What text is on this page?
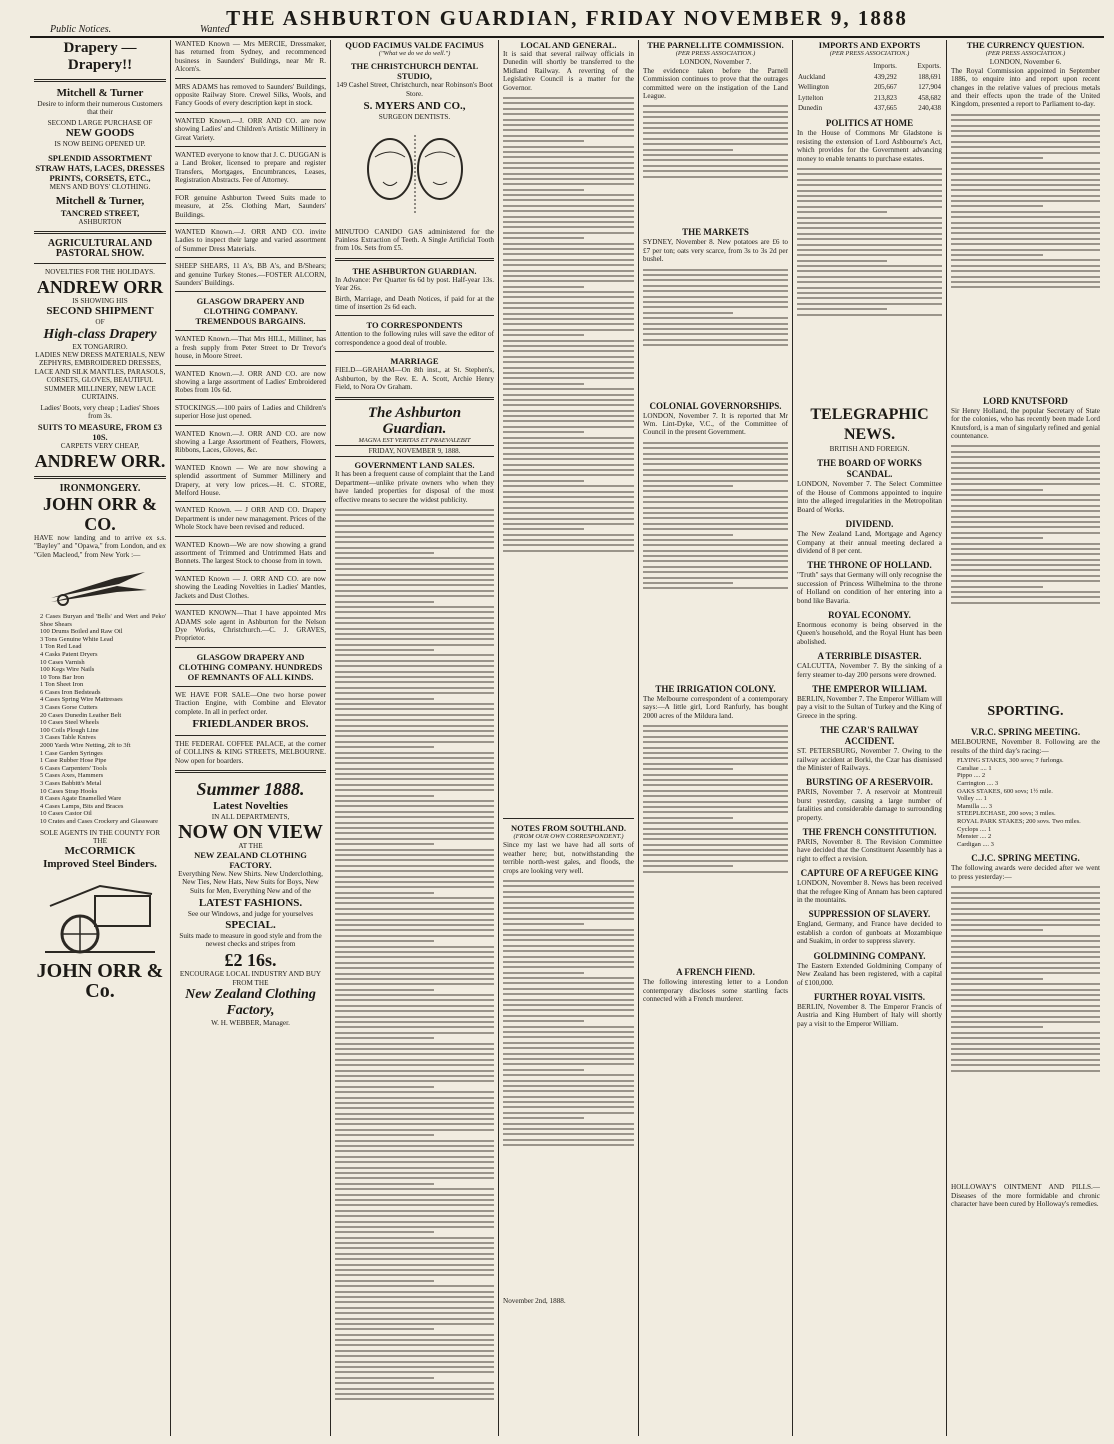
Public Notices.	Wanted
THE ASHBURTON GUARDIAN, FRIDAY NOVEMBER 9, 1888
Drapery — Drapery!!
Mitchell & Turner

Desire to inform their numerous Customers that their

SECOND LARGE PURCHASE OF
NEW GOODS
IS NOW BEING OPENED UP.
SPLENDID ASSORTMENT
STRAW HATS, LACES, DRESSES PRINTS, CORSETS, ETC.,
MEN'S AND BOYS' CLOTHING.
Mitchell & Turner,
TANCRED STREET,
ASHBURTON
AGRICULTURAL AND PASTORAL SHOW.
NOVELTIES FOR THE HOLIDAYS.
ANDREW ORR
IS SHOWING HIS
SECOND SHIPMENT
OF
High-class Drapery
EX TONGARIRO.

LADIES NEW DRESS MATERIALS, NEW ZEPHYRS, EMBROIDERED DRESSES, LACE AND SILK MANTLES, PARASOLS, CORSETS, GLOVES, BEAUTIFUL SUMMER MILLINERY, NEW LACE CURTAINS.

Ladies' Boots, very cheap ; Ladies' Shoes from 3s.

SUITS TO MEASURE, FROM £3 10S.
CARPETS VERY CHEAP,
ANDREW ORR.
IRONMONGERY.
JOHN ORR & CO.

HAVE now landing and to arrive ex s.s. "Bayley" and "Opawa," from London, and ex "Glen Macleod," from New York :—

2 Cases Buryan and 'Bells' and Wert and Peko' Shoe Shears
100 Drums Boiled and Raw Oil
3 Tons Genuine White Lead
1 Ton Red Lead
4 Casks Patent Dryers
10 Cases Varnish
100 Kegs Wire Nails
10 Tons Bar Iron
1 Ton Sheet Iron
6 Cases Iron Bedsteads
4 Cases Spring Wire Mattresses
3 Cases Gorse Cutters
20 Cases Dunedin Leather Belt
10 Cases Steel Wheels
100 Coils Plough Line
3 Cases Table Knives
2000 Yards Wire Netting, 2ft to 3ft
1 Case Garden Syringes
1 Case Rubber Hose Pipe
6 Cases Carpenters' Tools
5 Cases Axes, Hammers
3 Cases Babbitt's Metal
10 Cases Strap Hooks
8 Cases Agate Enamelled Ware
4 Cases Lamps, Bits and Braces
10 Cases Castor Oil
10 Crates and Cases Crockery and Glassware
SOLE AGENTS IN THE COUNTY FOR THE
McCORMICK
Improved Steel Binders.
JOHN ORR & Co.

WANTED Known — Mrs MERCIE, Dressmaker, has returned from Sydney, and recommenced business in Saunders' Buildings, near Mr R. Alcorn's.

MRS ADAMS has removed to Saunders' Buildings, opposite Railway Store. Crewel Silks, Wools, and Fancy Goods of every description kept in stock.

WANTED Known.—J. ORR AND CO. are now showing Ladies' and Children's Artistic Millinery in Great Variety.

WANTED everyone to know that J. C. DUGGAN is a Land Broker, licensed to prepare and register Transfers, Mortgages, Encumbrances, Leases, Registration Abstracts. Fee of Attorney.

FOR genuine Ashburton Tweed Suits made to measure, at 25s. Clothing Mart, Saunders' Buildings.

WANTED Known.—J. ORR AND CO. invite Ladies to inspect their large and varied assortment of Summer Dress Materials.

SHEEP SHEARS, 11 A's, BB A's, and B/Shears; and genuine Turkey Stones.—FOSTER ALCORN, Saunders' Buildings.

GLASGOW DRAPERY AND CLOTHING COMPANY. TREMENDOUS BARGAINS.

WANTED Known.—That Mrs HILL, Milliner, has a fresh supply from Peter Street to Dr Trevor's house, in Moore Street.

WANTED Known.—J. ORR AND CO. are now showing a large assortment of Ladies' Embroidered Robes from 10s 6d.

STOCKINGS.—100 pairs of Ladies and Children's superior Hose just opened.

WANTED Known.—J. ORR AND CO. are now showing a Large Assortment of Feathers, Flowers, Ribbons, Laces, Gloves, &c.

WANTED Known — We are now showing a splendid assortment of Summer Millinery and Drapery, at very low prices.—H. C. STORE, Melford House.

WANTED Known. — J ORR AND CO. Drapery Department is under new management. Prices of the Whole Stock have been revised and reduced.

WANTED Known—We are now showing a grand assortment of Trimmed and Untrimmed Hats and Bonnets. The largest Stock to choose from in town.

WANTED Known — J. ORR AND CO. are now showing the Leading Novelties in Ladies' Mantles, Jackets and Dust Clothes.

WANTED KNOWN—That I have appointed Mrs ADAMS sole agent in Ashburton for the Nelson Dye Works, Christchurch.—C. J. GRAVES, Proprietor.

GLASGOW DRAPERY AND CLOTHING COMPANY. HUNDREDS OF REMNANTS OF ALL KINDS.

WE HAVE FOR SALE—One two horse power Traction Engine, with Combine and Elevator complete. In all in perfect order.

FRIEDLANDER BROS.

THE FEDERAL COFFEE PALACE, at the corner of COLLINS & KING STREETS, MELBOURNE. Now open for boarders.

Summer 1888.
Latest Novelties
IN ALL DEPARTMENTS,
NOW ON VIEW
AT THE
NEW ZEALAND CLOTHING FACTORY.

Everything New. New Shirts. New Underclothing, New Ties, New Hats, New Suits for Boys, New Suits for Men, Everything New and of the

LATEST FASHIONS.
See our Windows, and judge for yourselves
SPECIAL.

Suits made to measure in good style and from the newest checks and stripes from

£2 16s.
ENCOURAGE LOCAL INDUSTRY AND BUY FROM THE
New Zealand Clothing Factory,
W. H. WEBBER, Manager.
QUOD FACIMUS VALDE FACIMUS
("What we do we do well.")
THE CHRISTCHURCH DENTAL STUDIO,

149 Cashel Street, Christchurch, near Robinson's Boot Store.

S. MYERS AND CO.,
SURGEON DENTISTS.

MINUTOO CANIDO GAS administered for the Painless Extraction of Teeth. A Single Artificial Tooth from 10s. Sets from £5.

THE ASHBURTON GUARDIAN.

In Advance: Per Quarter 6s 6d by post. Half-year 13s. Year 26s.

Birth, Marriage, and Death Notices, if paid for at the time of insertion 2s 6d each.

TO CORRESPONDENTS

Attention to the following rules will save the editor of correspondence a good deal of trouble.

MARRIAGE

FIELD—GRAHAM—On 8th inst., at St. Stephen's, Ashburton, by the Rev. E. A. Scott, Archie Henry Field, to Nora Ov Graham.

The Ashburton Guardian.
MAGNA EST VERITAS ET PRAEVALEBIT
FRIDAY, NOVEMBER 9, 1888.
GOVERNMENT LAND SALES.

It has been a frequent cause of complaint that the Land Department—unlike private owners who when they have landed properties for disposal of the most effective means to secure the widest publicity.

LOCAL AND GENERAL.

It is said that several railway officials in Dunedin will shortly be transferred to the Midland Railway. A reverting of the Legislative Council is a matter for the Governor.

NOTES FROM SOUTHLAND.
(FROM OUR OWN CORRESPONDENT.)

Since my last we have had all sorts of weather here; but, notwithstanding the terrible north-west gales, and floods, the crops are looking very well.

November 2nd, 1888.
THE PARNELLITE COMMISSION.
(PER PRESS ASSOCIATION.)
LONDON, November 7.

The evidence taken before the Parnell Commission continues to prove that the outrages committed were on the instigation of the Land League.

THE MARKETS

SYDNEY, November 8. New potatoes are £6 to £7 per ton; oats very scarce, from 3s to 3s 2d per bushel.

COLONIAL GOVERNORSHIPS.

LONDON, November 7. It is reported that Mr Wm. Lint-Dyke, V.C., of the Committee of Council in the present Government.

THE IRRIGATION COLONY.

The Melbourne correspondent of a contemporary says:—A little girl, Lord Ranfurly, has bought 2000 acres of the Mildura land.

A FRENCH FIEND.

The following interesting letter to a London contemporary discloses some startling facts connected with a French murderer.

IMPORTS AND EXPORTS
(PER PRESS ASSOCIATION.)
	Imports.	Exports.
Auckland	439,292	188,691
Wellington	205,667	127,904
Lyttelton	213,823	458,682
Dunedin	437,665	240,438
POLITICS AT HOME

In the House of Commons Mr Gladstone is resisting the extension of Lord Ashbourne's Act, which provides for the Government advancing money to enable tenants to purchase estates.

TELEGRAPHIC NEWS.
BRITISH AND FOREIGN.
THE BOARD OF WORKS SCANDAL.

LONDON, November 7. The Select Committee of the House of Commons appointed to inquire into the alleged irregularities in the Metropolitan Board of Works.

DIVIDEND.

The New Zealand Land, Mortgage and Agency Company at their annual meeting declared a dividend of 8 per cent.

THE THRONE OF HOLLAND.

"Truth" says that Germany will only recognise the succession of Princess Wilhelmina to the throne of Holland on condition of her entering into a bond like Bavaria.

ROYAL ECONOMY.

Enormous economy is being observed in the Queen's household, and the Royal Hunt has been abolished.

A TERRIBLE DISASTER.

CALCUTTA, November 7. By the sinking of a ferry steamer to-day 200 persons were drowned.

THE EMPEROR WILLIAM.

BERLIN, November 7. The Emperor William will pay a visit to the Sultan of Turkey and the King of Greece in the spring.

THE CZAR'S RAILWAY ACCIDENT.

ST. PETERSBURG, November 7. Owing to the railway accident at Borki, the Czar has dismissed the Minister of Railways.

BURSTING OF A RESERVOIR.

PARIS, November 7. A reservoir at Montreuil burst yesterday, causing a large number of fatalities and considerable damage to surrounding property.

THE FRENCH CONSTITUTION.

PARIS, November 8. The Revision Committee have decided that the Constituent Assembly has a right to effect a revision.

CAPTURE OF A REFUGEE KING

LONDON, November 8. News has been received that the refugee King of Annam has been captured in the mountains.

SUPPRESSION OF SLAVERY.

England, Germany, and France have decided to establish a cordon of gunboats at Mozambique and Suakim, in order to suppress slavery.

GOLDMINING COMPANY.

The Eastern Extended Goldmining Company of New Zealand has been registered, with a capital of £100,000.

FURTHER ROYAL VISITS.

BERLIN, November 8. The Emperor Francis of Austria and King Humbert of Italy will shortly pay a visit to the Emperor William.

THE CURRENCY QUESTION.
(PER PRESS ASSOCIATION.)
LONDON, November 6.

The Royal Commission appointed in September 1886, to enquire into and report upon recent changes in the relative values of precious metals and their effects upon the trade of the United Kingdom, presented a report to Parliament to-day.

LORD KNUTSFORD

Sir Henry Holland, the popular Secretary of State for the colonies, who has recently been made Lord Knutsford, is a man of singularly refined and genial countenance.

SPORTING.
V.R.C. SPRING MEETING.

MELBOURNE, November 8. Following are the results of the third day's racing:—

FLYING STAKES, 300 sovs; 7 furlongs.
Caraliae .... 1
Pippo .... 2
Carrington .... 3
OAKS STAKES, 600 sovs; 1½ mile.
Volley .... 1
Mamilla .... 3
STEEPLECHASE, 200 sovs; 3 miles.
ROYAL PARK STAKES; 200 sovs. Two miles.
Cyclops .... 1
Menster .... 2
Cardigan .... 3
C.J.C. SPRING MEETING.

The following awards were decided after we went to press yesterday:—

HOLLOWAY'S OINTMENT AND PILLS.—Diseases of the more formidable and chronic character have been cured by Holloway's remedies.
